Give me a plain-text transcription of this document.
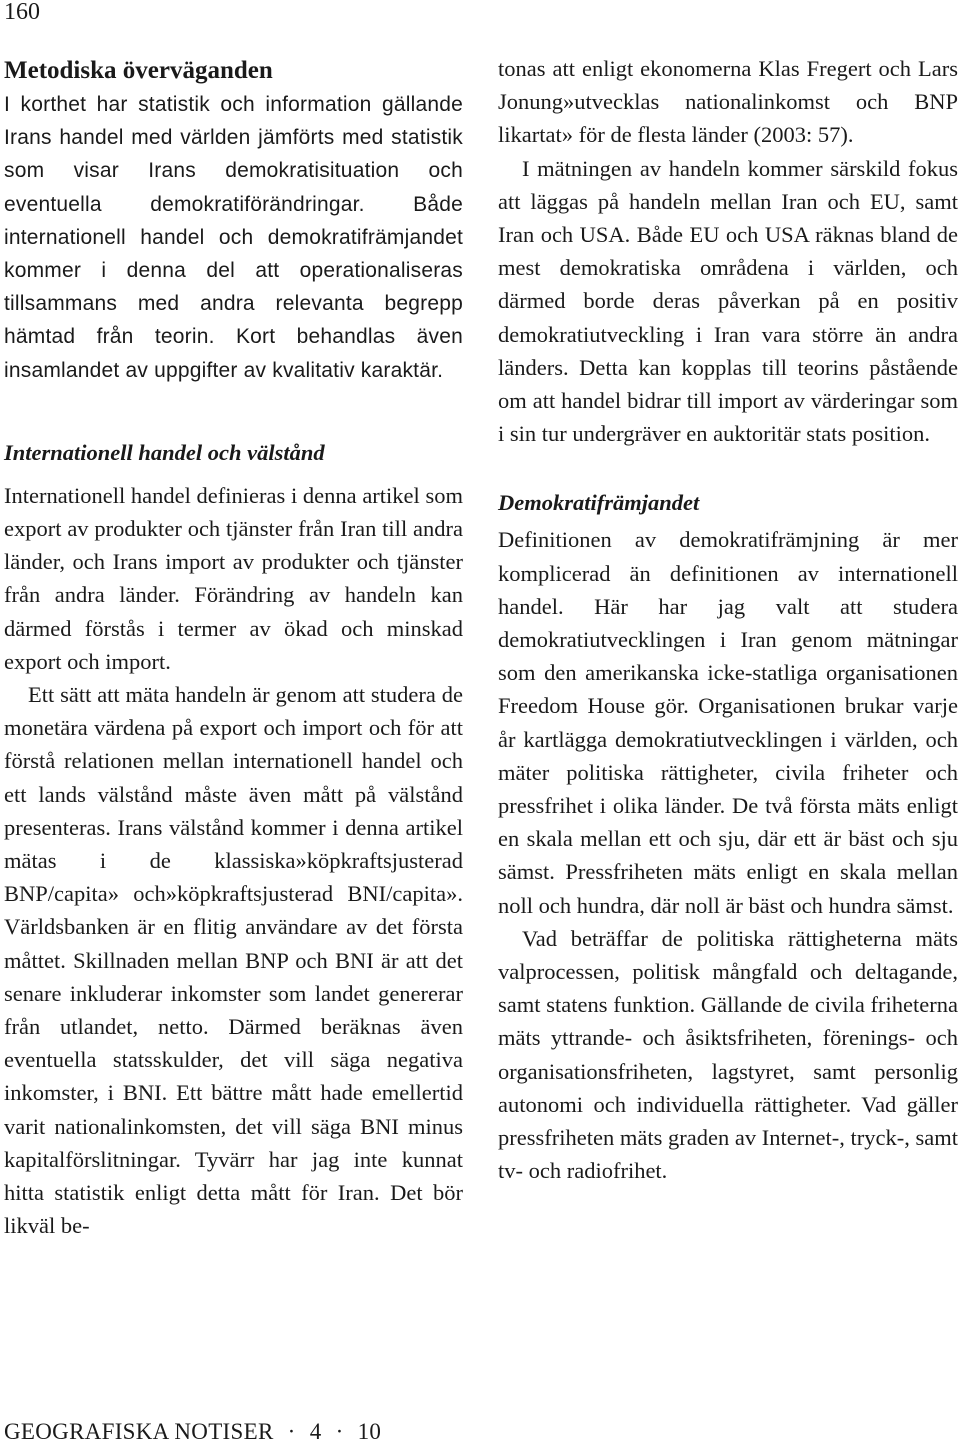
160
Metodiska överväganden

I korthet har statistik och information gällande Irans handel med världen jämförts med statistik som visar Irans demokratisituation och eventuella demokratiförändringar. Både internationell handel och demokratifrämjandet kommer i denna del att operationaliseras tillsammans med andra relevanta begrepp hämtad från teorin. Kort behandlas även insamlandet av uppgifter av kvalitativ karaktär.

Internationell handel och välstånd

Internationell handel definieras i denna artikel som export av produkter och tjänster från Iran till andra länder, och Irans import av produkter och tjänster från andra länder. Förändring av handeln kan därmed förstås i termer av ökad och minskad export och import.

Ett sätt att mäta handeln är genom att studera de monetära värdena på export och import och för att förstå relationen mellan internationell handel och ett lands välstånd måste även mått på välstånd presenteras. Irans välstånd kommer i denna artikel mätas i de klassiska»köpkraftsjusterad BNP/capita» och»köpkraftsjusterad BNI/capita». Världsbanken är en flitig användare av det första måttet. Skillnaden mellan BNP och BNI är att det senare inkluderar inkomster som landet genererar från utlandet, netto. Därmed beräknas även eventuella statsskulder, det vill säga negativa inkomster, i BNI. Ett bättre mått hade emellertid varit nationalinkomsten, det vill säga BNI minus kapitalförslitningar. Tyvärr har jag inte kunnat hitta statistik enligt detta mått för Iran. Det bör likväl be-

tonas att enligt ekonomerna Klas Fregert och Lars Jonung»utvecklas nationalinkomst och BNP likartat» för de flesta länder (2003: 57).

I mätningen av handeln kommer särskild fokus att läggas på handeln mellan Iran och EU, samt Iran och USA. Både EU och USA räknas bland de mest demokratiska områdena i världen, och därmed borde deras påverkan på en positiv demokratiutveckling i Iran vara större än andra länders. Detta kan kopplas till teorins påstående om att handel bidrar till import av värderingar som i sin tur undergräver en auktoritär stats position.

Demokratifrämjandet

Definitionen av demokratifrämjning är mer komplicerad än definitionen av internationell handel. Här har jag valt att studera demokratiutvecklingen i Iran genom mätningar som den amerikanska icke-statliga organisationen Freedom House gör. Organisationen brukar varje år kartlägga demokratiutvecklingen i världen, och mäter politiska rättigheter, civila friheter och pressfrihet i olika länder. De två första mäts enligt en skala mellan ett och sju, där ett är bäst och sju sämst. Pressfriheten mäts enligt en skala mellan noll och hundra, där noll är bäst och hundra sämst.

Vad beträffar de politiska rättigheterna mäts valprocessen, politisk mångfald och deltagande, samt statens funktion. Gällande de civila friheterna mäts yttrande- och åsiktsfriheten, förenings- och organisationsfriheten, lagstyret, samt personlig autonomi och individuella rättigheter. Vad gäller pressfriheten mäts graden av Internet-, tryck-, samt tv- och radiofrihet.

GEOGRAFISKA NOTISER · 4 · 10
